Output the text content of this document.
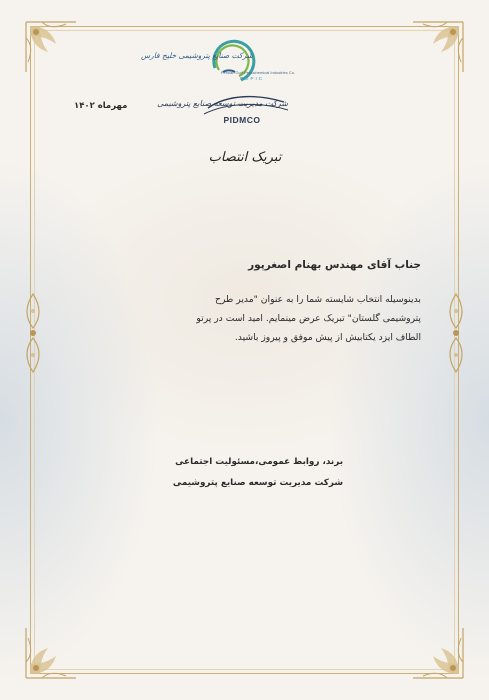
شرکت صنایع پتروشیمی خلیج فارس
Persian Gulf Petrochemical Industries Co.
PGPIC
شرکت مدیریت توسعه صنایع پتروشیمی
PIDMCO
مهرماه ۱۴۰۲
تبریک انتصاب
جناب آقای مهندس بهنام اصغرپور
بدینوسیله انتخاب شایسته شما را به عنوان "مدیر طرح
پتروشیمی گلستان" تبریک عرض مینمایم. امید است در پرتو
الطاف ایزد یکتابیش از پیش موفق و پیروز باشید.
برند، روابط عمومی،مسئولیت اجتماعی
شرکت مدیریت توسعه صنایع پتروشیمی
